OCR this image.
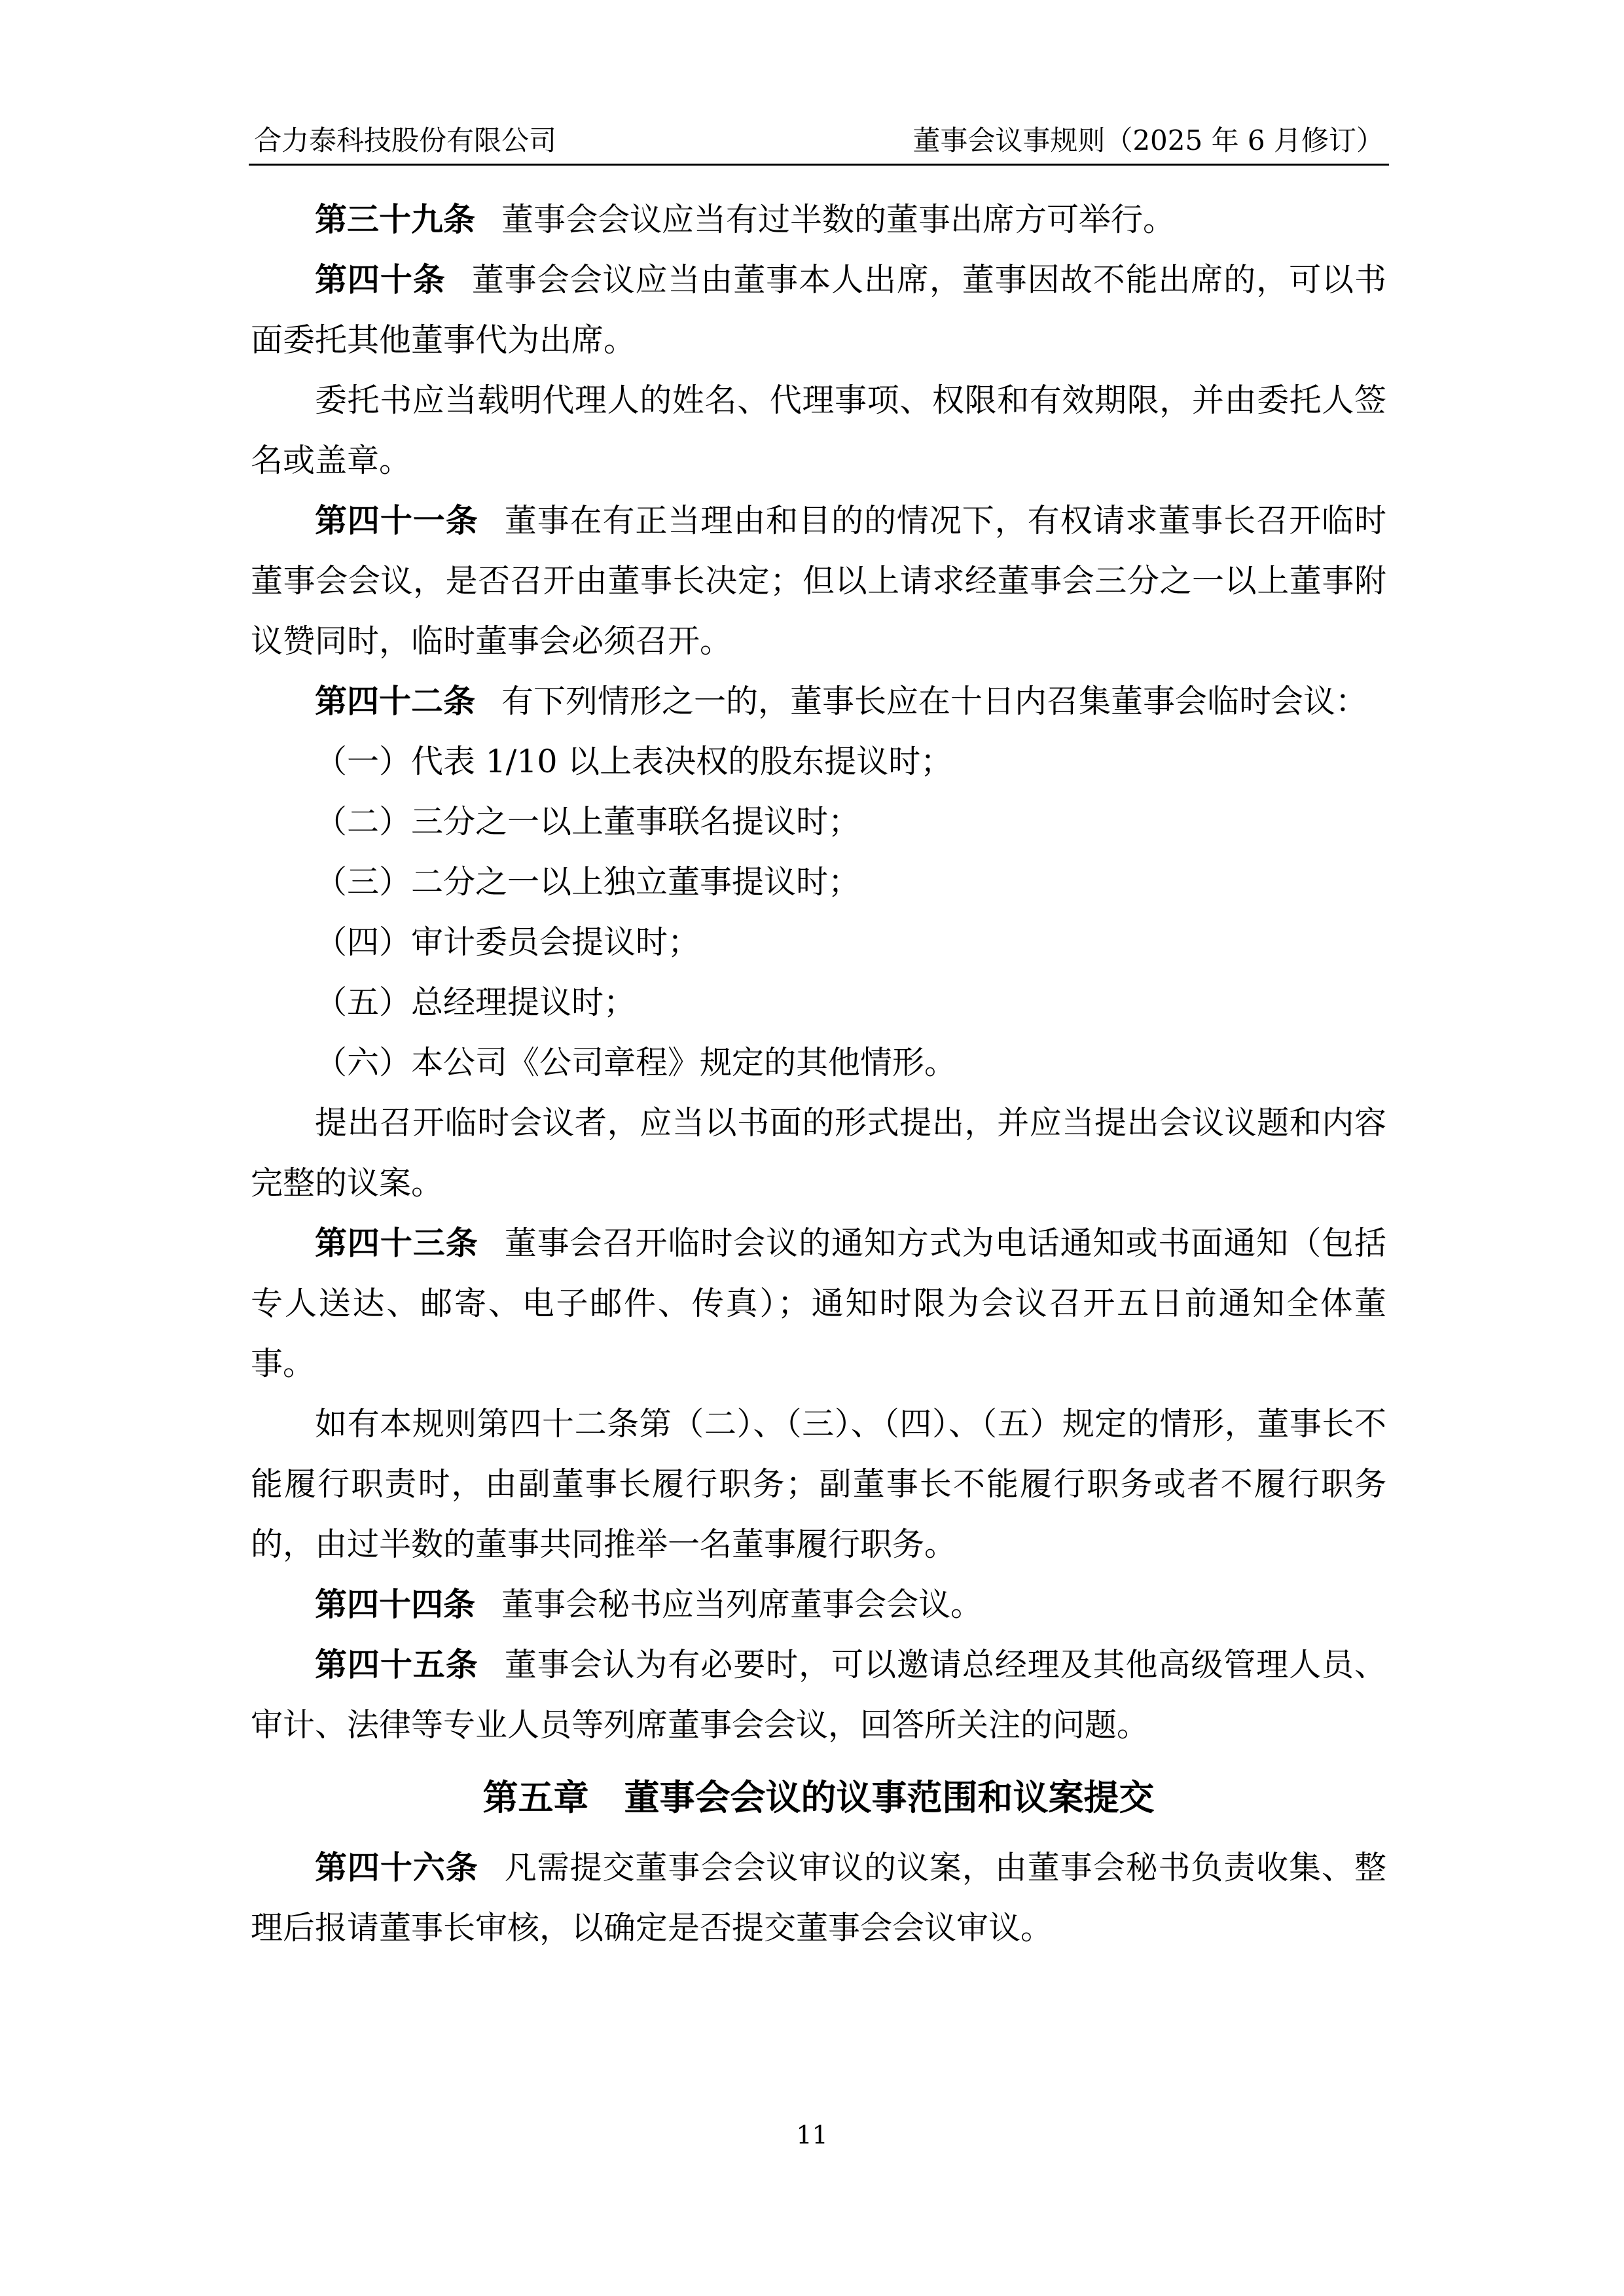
合力泰科技股份有限公司	董事会议事规则（2025 年 6 月修订）

第三十九条 董事会会议应当有过半数的董事出席方可举行。

第四十条 董事会会议应当由董事本人出席，董事因故不能出席的，可以书面委托其他董事代为出席。

委托书应当载明代理人的姓名、代理事项、权限和有效期限，并由委托人签名或盖章。

第四十一条 董事在有正当理由和目的的情况下，有权请求董事长召开临时董事会会议，是否召开由董事长决定；但以上请求经董事会三分之一以上董事附议赞同时，临时董事会必须召开。

第四十二条 有下列情形之一的，董事长应在十日内召集董事会临时会议：

（一）代表 1/10 以上表决权的股东提议时；

（二）三分之一以上董事联名提议时；

（三）二分之一以上独立董事提议时；

（四）审计委员会提议时；

（五）总经理提议时；

（六）本公司《公司章程》规定的其他情形。

提出召开临时会议者，应当以书面的形式提出，并应当提出会议议题和内容完整的议案。

第四十三条 董事会召开临时会议的通知方式为电话通知或书面通知（包括专人送达、邮寄、电子邮件、传真）；通知时限为会议召开五日前通知全体董事。

如有本规则第四十二条第（二）、（三）、（四）、（五）规定的情形，董事长不能履行职责时，由副董事长履行职务；副董事长不能履行职务或者不履行职务的，由过半数的董事共同推举一名董事履行职务。

第四十四条 董事会秘书应当列席董事会会议。

第四十五条 董事会认为有必要时，可以邀请总经理及其他高级管理人员、审计、法律等专业人员等列席董事会会议，回答所关注的问题。

第五章　董事会会议的议事范围和议案提交

第四十六条 凡需提交董事会会议审议的议案，由董事会秘书负责收集、整理后报请董事长审核，以确定是否提交董事会会议审议。

11
